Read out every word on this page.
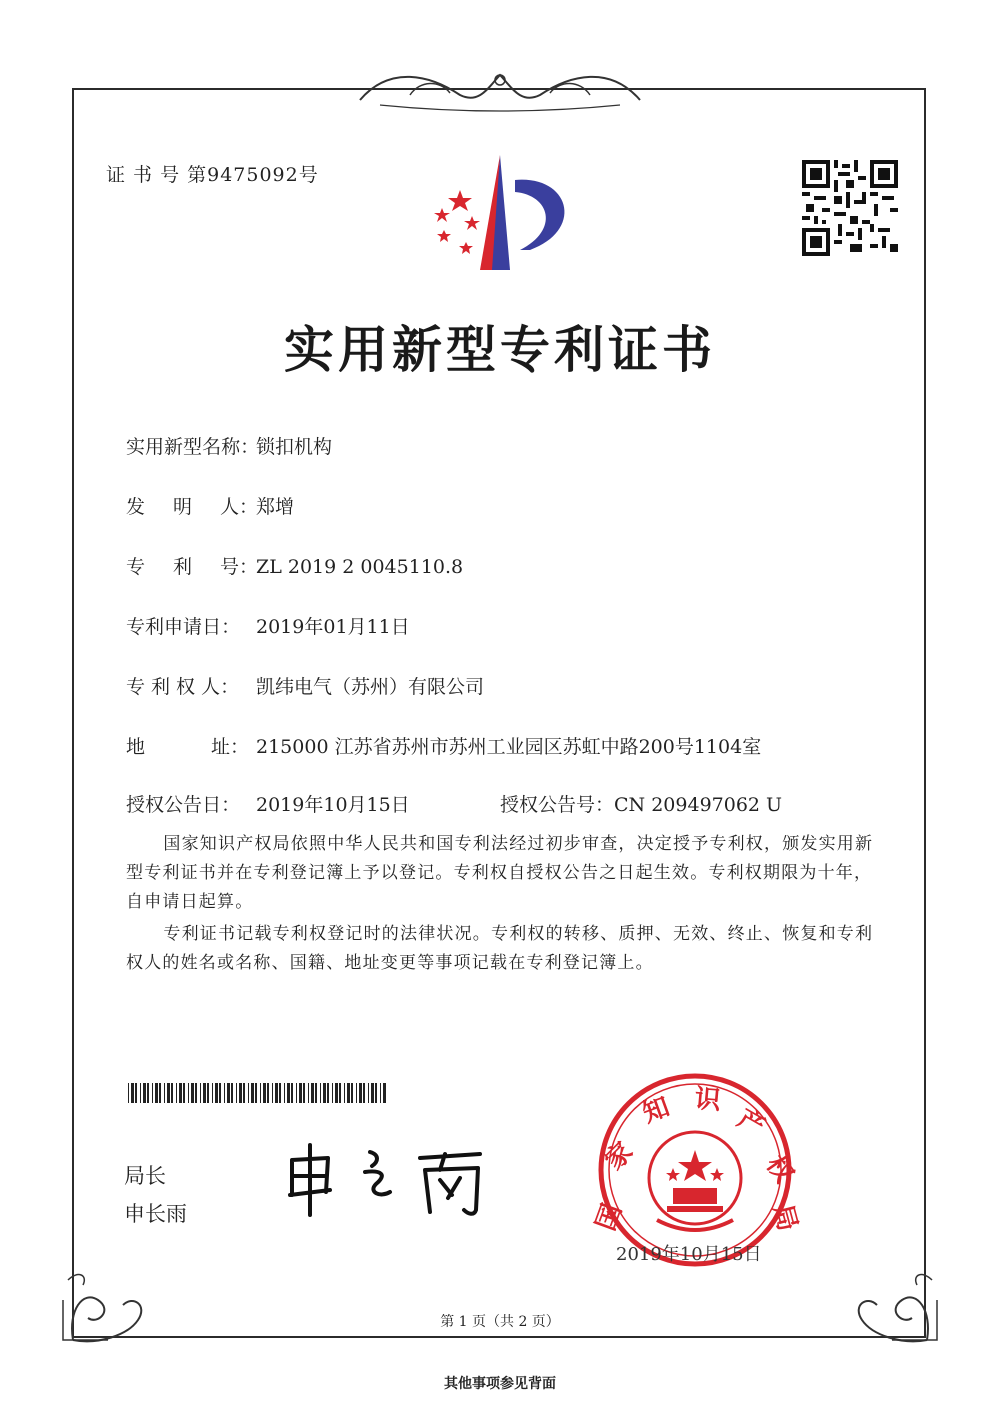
证 书 号 第9475092号
实用新型专利证书
实用新型名称：锁扣机构
发 明 人：郑增
专 利 号：ZL 2019 2 0045110.8
专利申请日： 2019年01月11日
专 利 权 人： 凯纬电气（苏州）有限公司
地	址： 215000 江苏省苏州市苏州工业园区苏虹中路200号1104室
授权公告日： 2019年10月15日	授权公告号：CN 209497062 U
国家知识产权局依照中华人民共和国专利法经过初步审查，决定授予专利权，颁发实用新型专利证书并在专利登记簿上予以登记。专利权自授权公告之日起生效。专利权期限为十年，自申请日起算。
专利证书记载专利权登记时的法律状况。专利权的转移、质押、无效、终止、恢复和专利权人的姓名或名称、国籍、地址变更等事项记载在专利登记簿上。
局长
申长雨	国
家
知 识
产
权
局
2019年10月15日
第 1 页（共 2 页）
其他事项参见背面
